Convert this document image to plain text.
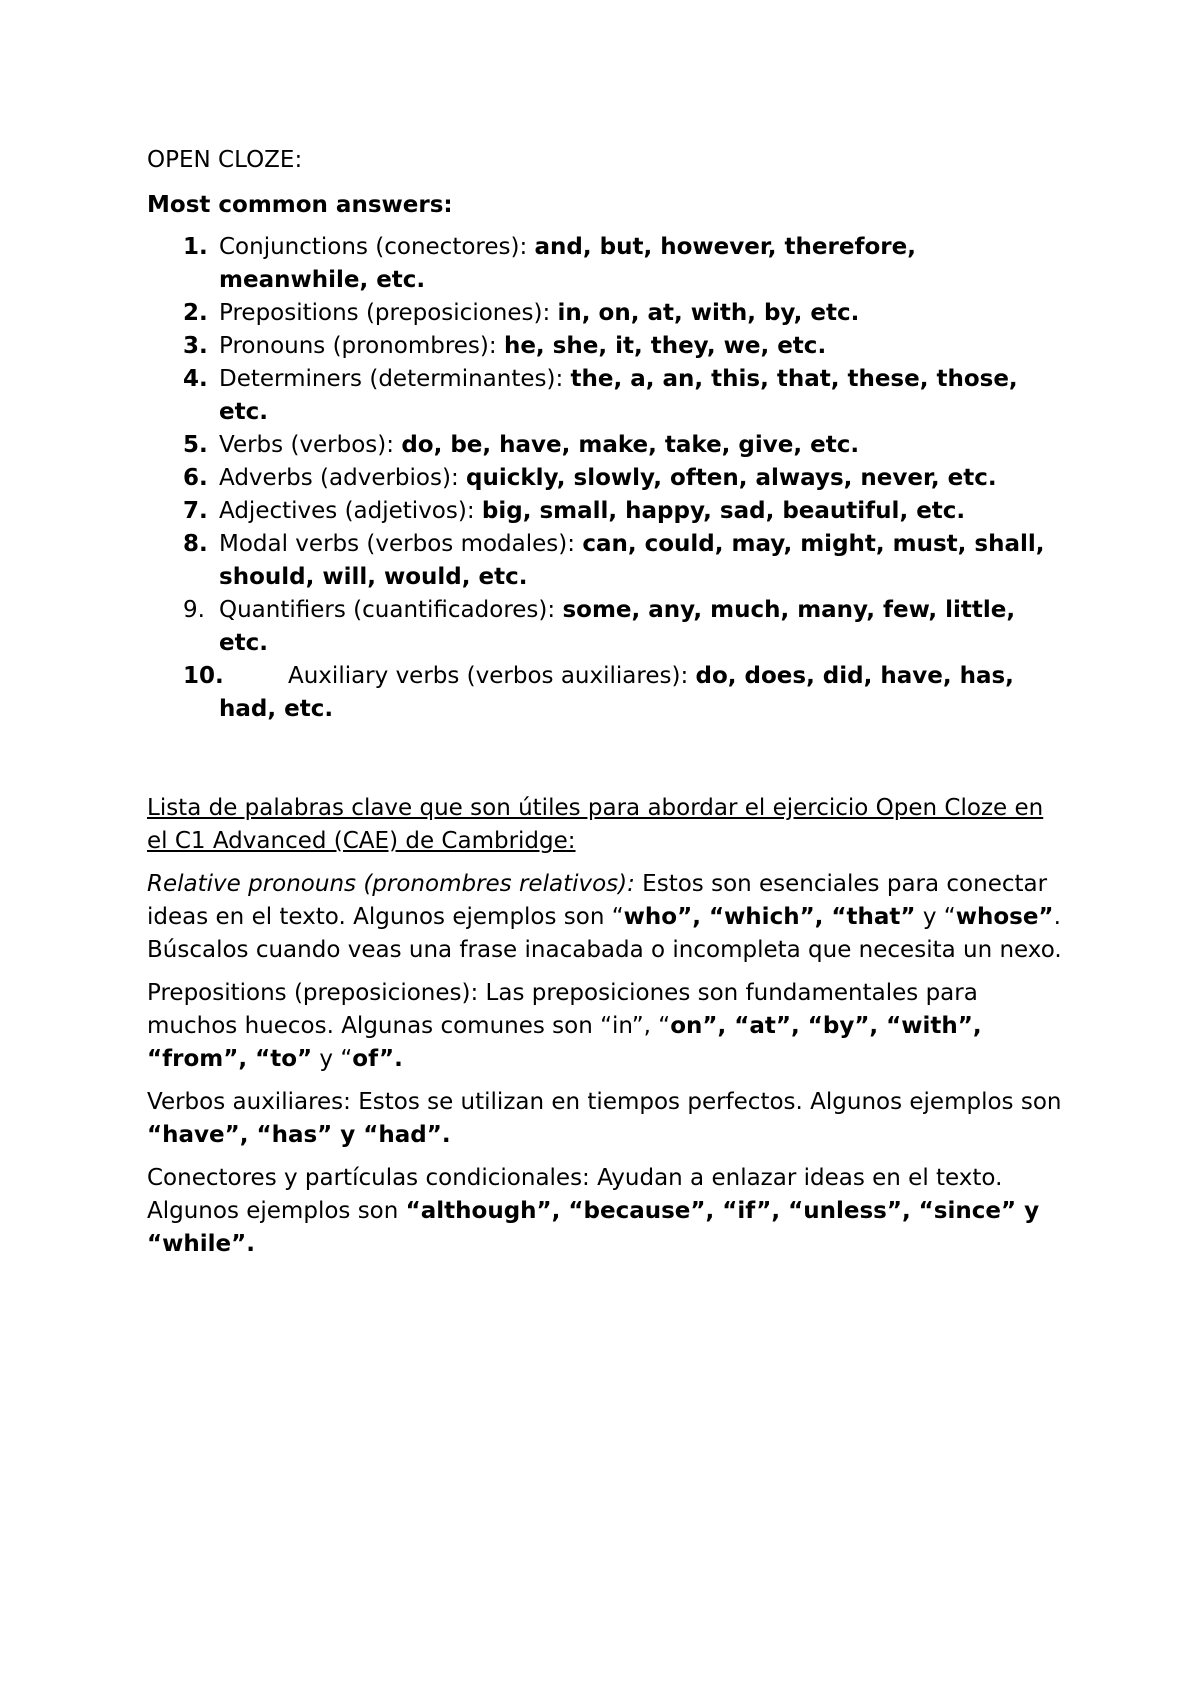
OPEN CLOZE:

Most common answers:

1. Conjunctions (conectores): and, but, however, therefore, meanwhile, etc.
2. Prepositions (preposiciones): in, on, at, with, by, etc.
3. Pronouns (pronombres): he, she, it, they, we, etc.
4. Determiners (determinantes): the, a, an, this, that, these, those, etc.
5. Verbs (verbos): do, be, have, make, take, give, etc.
6. Adverbs (adverbios): quickly, slowly, often, always, never, etc.
7. Adjectives (adjetivos): big, small, happy, sad, beautiful, etc.
8. Modal verbs (verbos modales): can, could, may, might, must, shall, should, will, would, etc.
9. Quantifiers (cuantificadores): some, any, much, many, few, little, etc.
10.	Auxiliary verbs (verbos auxiliares): do, does, did, have, has, had, etc.

Lista de palabras clave que son útiles para abordar el ejercicio Open Cloze en el C1 Advanced (CAE) de Cambridge:

Relative pronouns (pronombres relativos): Estos son esenciales para conectar ideas en el texto. Algunos ejemplos son “who”, “which”, “that” y “whose”. Búscalos cuando veas una frase inacabada o incompleta que necesita un nexo.

Prepositions (preposiciones): Las preposiciones son fundamentales para muchos huecos. Algunas comunes son “in”, “on”, “at”, “by”, “with”, “from”, “to” y “of”.

Verbos auxiliares: Estos se utilizan en tiempos perfectos. Algunos ejemplos son “have”, “has” y “had”.

Conectores y partículas condicionales: Ayudan a enlazar ideas en el texto. Algunos ejemplos son “although”, “because”, “if”, “unless”, “since” y “while”.
